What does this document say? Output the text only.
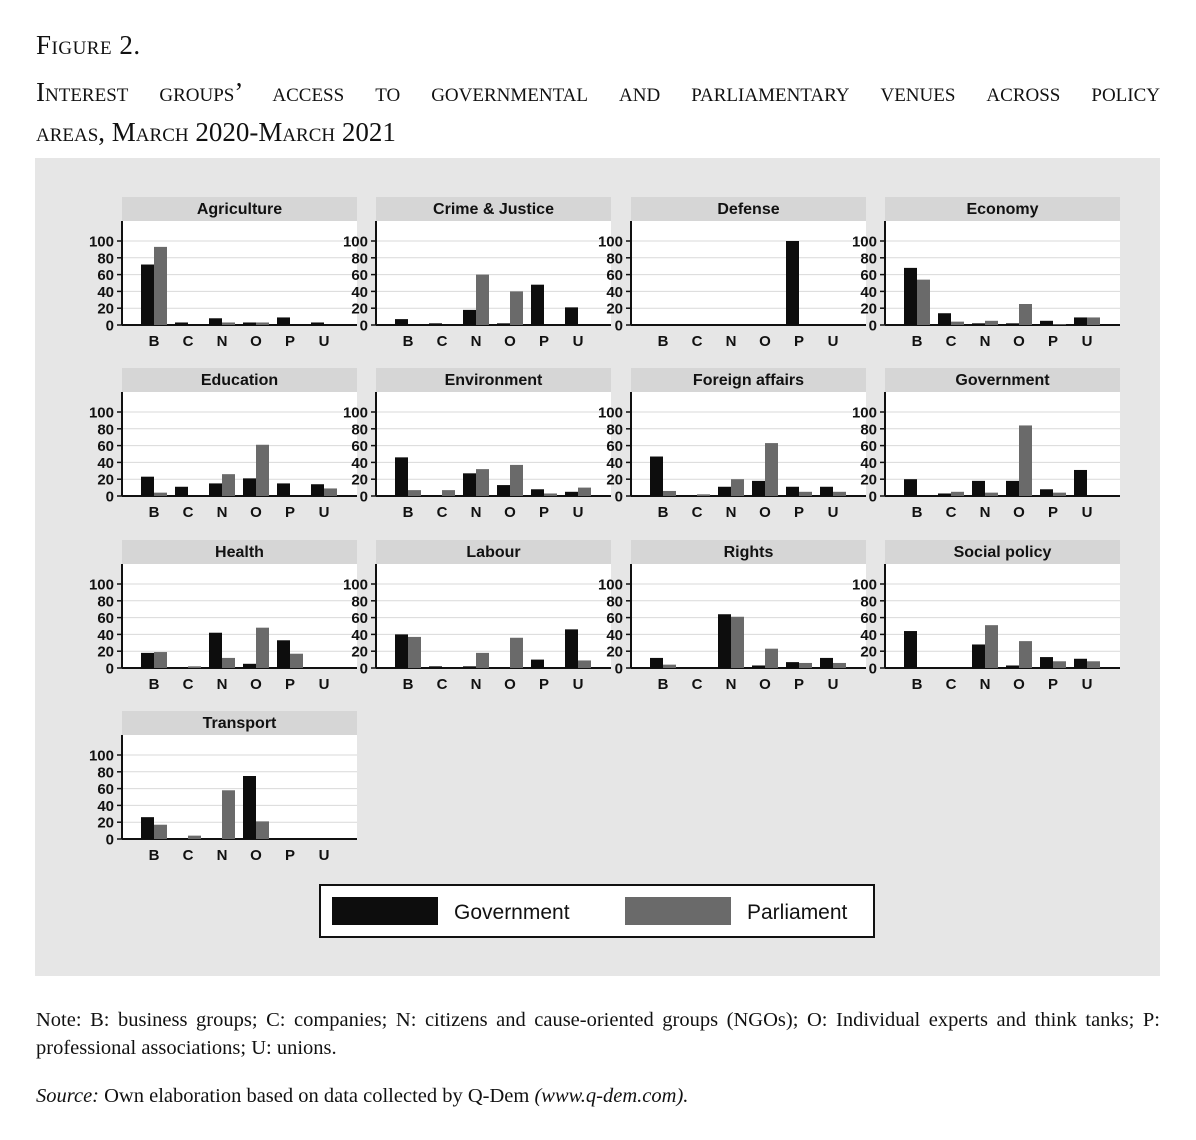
Figure 2.
Interest groups’ access to governmental and parliamentary venues across policy
areas, March 2020-March 2021
Agriculture
0
20
40
60
80
100
B C N O P U
Crime & Justice
0
20
40
60
80
100
B C N O P U
Defense
0
20
40
60
80
100
B C N O P U
Economy
0
20
40
60
80
100
B C N O P U
Education
0
20
40
60
80
100
B C N O P U
Environment
0
20
40
60
80
100
B C N O P U
Foreign affairs
0
20
40
60
80
100
B C N O P U
Government
0
20
40
60
80
100
B C N O P U
Health
0
20
40
60
80
100
B C N O P U
Labour
0
20
40
60
80
100
B C N O P U
Rights
0
20
40
60
80
100
B C N O P U
Social policy
0
20
40
60
80
100
B C N O P U
Transport
0
20
40
60
80
100
B C N O P U
Government	Parliament
Note: B: business groups; C: companies; N: citizens and cause-oriented groups (NGOs); O: Individual experts and think tanks; P: professional associations; U: unions.
Source: Own elaboration based on data collected by Q-Dem (www.q-dem.com).
